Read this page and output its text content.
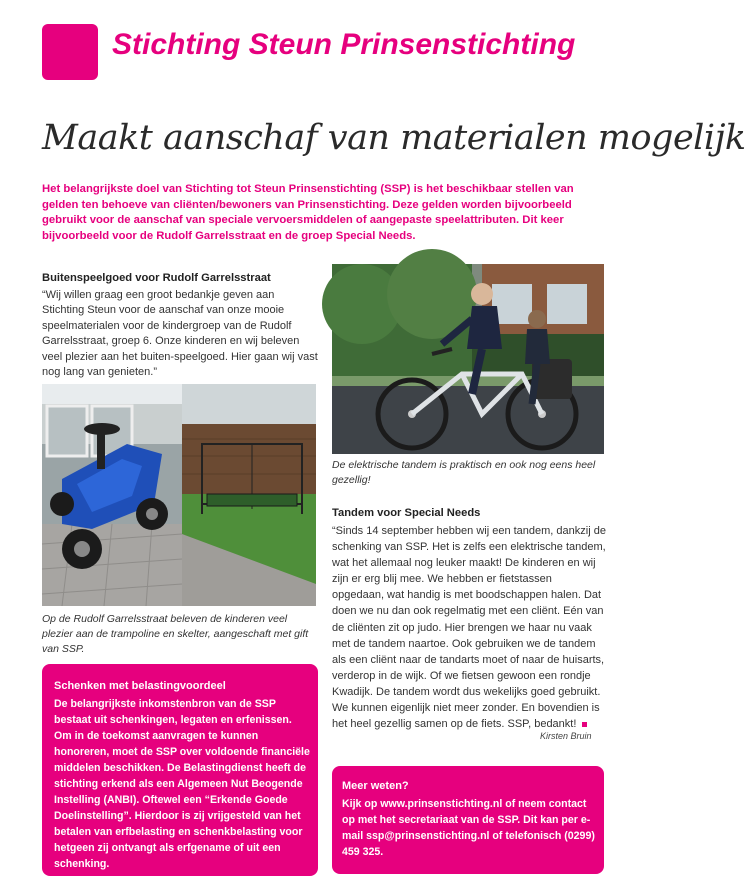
Stichting Steun Prinsenstichting
Maakt aanschaf van materialen mogelijk
Het belangrijkste doel van Stichting tot Steun Prinsenstichting (SSP) is het beschikbaar stellen van gelden ten behoeve van cliënten/bewoners van Prinsenstichting. Deze gelden worden bijvoorbeeld gebruikt voor de aanschaf van speciale vervoersmiddelen of aangepaste speelattributen. Dit keer bijvoorbeeld voor de Rudolf Garrelsstraat en de groep Special Needs.
Buitenspeelgoed voor Rudolf Garrelsstraat
“Wij willen graag een groot bedankje geven aan Stichting Steun voor de aanschaf van onze mooie speelmaterialen voor de kindergroep van de Rudolf Garrelsstraat, groep 6. Onze kinderen en wij beleven veel plezier aan het buiten-speelgoed. Hier gaan wij vast nog lang van genieten.”
Op de Rudolf Garrelsstraat beleven de kinderen veel plezier aan de trampoline en skelter, aangeschaft met gift van SSP.
De elektrische tandem is praktisch en ook nog eens heel gezellig!
Tandem voor Special Needs
“Sinds 14 september hebben wij een tandem, dankzij de schenking van SSP. Het is zelfs een elektrische tandem, wat het allemaal nog leuker maakt! De kinderen en wij zijn er erg blij mee. We hebben er fietstassen opgedaan, wat handig is met boodschappen halen. Dat doen we nu dan ook regelmatig met een cliënt. Eén van de cliënten zit op judo. Hier brengen we haar nu vaak met de tandem naartoe. Ook gebruiken we de tandem als een cliënt naar de tandarts moet of naar de huisarts, verderop in de wijk. Of we fietsen gewoon een rondje Kwadijk. De tandem wordt dus wekelijks goed gebruikt. We kunnen eigenlijk niet meer zonder. En bovendien is het heel gezellig samen op de fiets. SSP, bedankt!
Kirsten Bruin
Schenken met belastingvoordeel
De belangrijkste inkomstenbron van de SSP bestaat uit schenkingen, legaten en erfenissen. Om in de toekomst aanvragen te kunnen honoreren, moet de SSP over voldoende financiële middelen beschikken. De Belastingdienst heeft de stichting erkend als een Algemeen Nut Beogende Instelling (ANBI). Oftewel een “Erkende Goede Doelinstelling”. Hierdoor is zij vrijgesteld van het betalen van erfbelasting en schenkbelasting voor hetgeen zij ontvangt als erfgename of uit een schenking.
Meer weten?
Kijk op www.prinsenstichting.nl of neem contact op met het secretariaat van de SSP. Dit kan per e-mail ssp@prinsenstichting.nl of telefonisch (0299) 459 325.
